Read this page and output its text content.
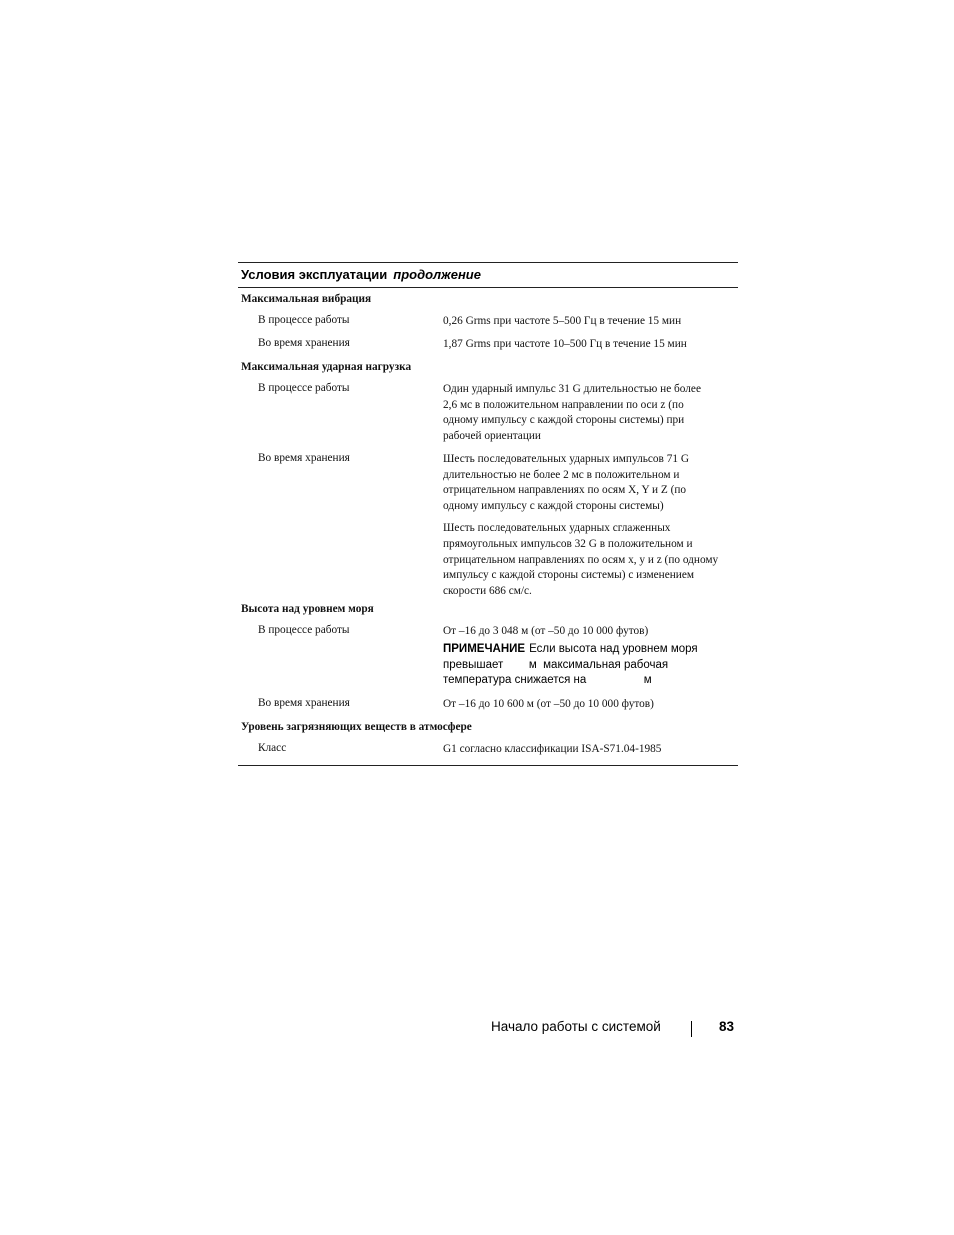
Условия эксплуатации продолжение
Максимальная вибрация
В процессе работы	0,26 Grms при частоте 5–500 Гц в течение 15 мин
Во время хранения	1,87 Grms при частоте 10–500 Гц в течение 15 мин
Максимальная ударная нагрузка
В процессе работы	Один ударный импульс 31 G длительностью не более
2,6 мс в положительном направлении по оси z (по
одному импульсу с каждой стороны системы) при
рабочей ориентации
Во время хранения	Шесть последовательных ударных импульсов 71 G
длительностью не более 2 мс в положительном и
отрицательном направлениях по осям X, Y и Z (по
одному импульсу с каждой стороны системы)
Шесть последовательных ударных сглаженных
прямоугольных импульсов 32 G в положительном и
отрицательном направлениях по осям x, y и z (по одному
импульсу с каждой стороны системы) с изменением
скорости 686 см/с.
Высота над уровнем моря
В процессе работы	От –16 до 3 048 м (от –50 до 10 000 футов)
ПРИМЕЧАНИЕ Если высота над уровнем моря
превышает        м  максимальная рабочая
температура снижается на                  м
Во время хранения	От –16 до 10 600 м (от –50 до 10 000 футов)
Уровень загрязняющих веществ в атмосфере
Класс	G1 согласно классификации ISA-S71.04-1985
Начало работы с системой	83
